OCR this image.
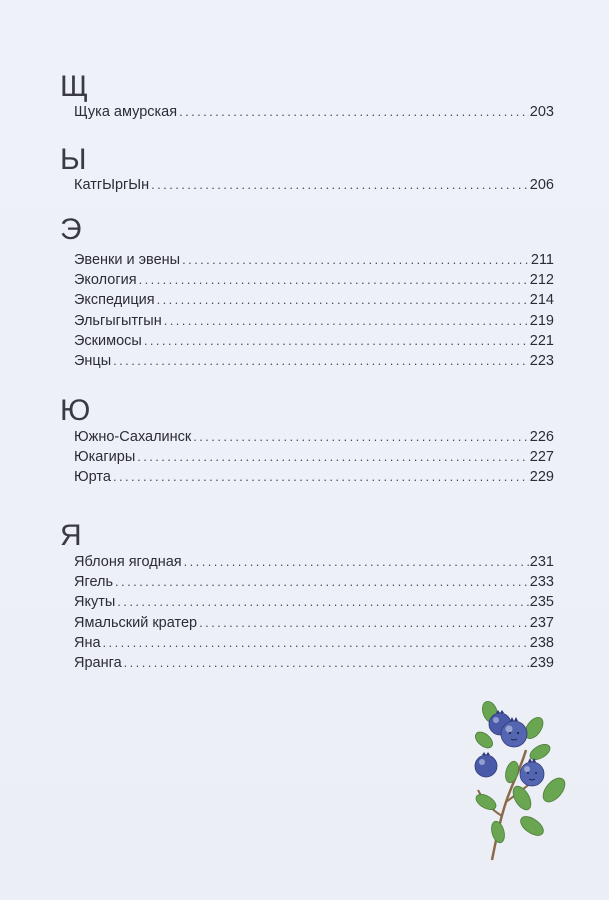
Щ
Щука амурская .....	203
Ы
КатгЫргЫн .....	206
Э
Эвенки и эвены .....	211
Экология .....	212
Экспедиция .....	214
Эльгыгытгын .....	219
Эскимосы .....	221
Энцы .....	223
Ю
Южно-Сахалинск .....	226
Юкагиры .....	227
Юрта .....	229
Я
Яблоня ягодная .....	231
Ягель .....	233
Якуты .....	235
Ямальский кратер .....	237
Яна .....	238
Яранга .....	239
